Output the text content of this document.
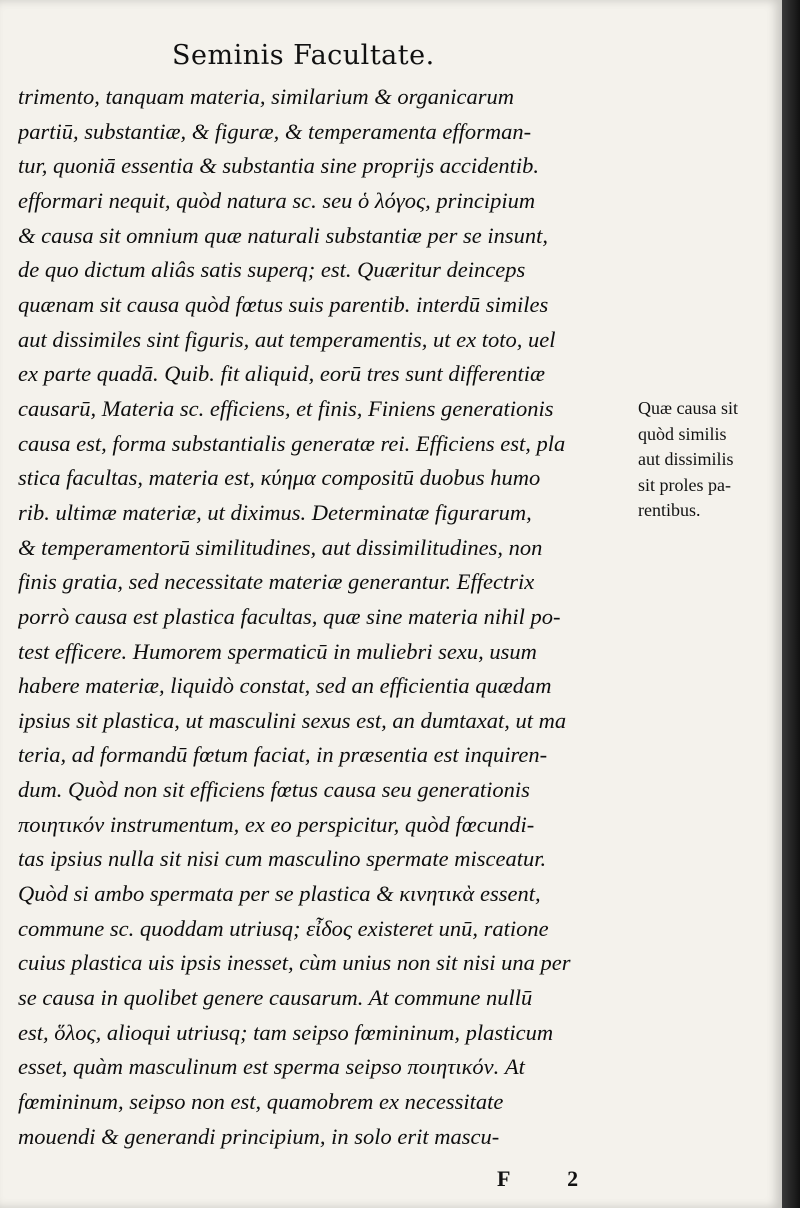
Seminis Facultate.
trimento, tanquam materia, similarium & organicarum
partiū, substantiæ, & figuræ, & temperamenta efforman-
tur, quoniā essentia & substantia sine proprijs accidentib.
efformari nequit, quòd natura sc. seu ὁ λόγος, principium
& causa sit omnium quæ naturali substantiæ per se insunt,
de quo dictum aliâs satis superq; est. Quæritur deinceps
quænam sit causa quòd fœtus suis parentib. interdū similes
aut dissimiles sint figuris, aut temperamentis, ut ex toto, uel
ex parte quadā. Quib. fit aliquid, eorū tres sunt differentiæ
causarū, Materia sc. efficiens, et finis, Finiens generationis
causa est, forma substantialis generatæ rei. Efficiens est, pla
stica facultas, materia est, κύημα compositū duobus humo
rib. ultimæ materiæ, ut diximus. Determinatæ figurarum,
& temperamentorū similitudines, aut dissimilitudines, non
finis gratia, sed necessitate materiæ generantur. Effectrix
porrò causa est plastica facultas, quæ sine materia nihil po-
test efficere. Humorem spermaticū in muliebri sexu, usum
habere materiæ, liquidò constat, sed an efficientia quædam
ipsius sit plastica, ut masculini sexus est, an dumtaxat, ut ma
teria, ad formandū fœtum faciat, in præsentia est inquiren-
dum. Quòd non sit efficiens fœtus causa seu generationis
ποιητικόν instrumentum, ex eo perspicitur, quòd fœcundi-
tas ipsius nulla sit nisi cum masculino spermate misceatur.
Quòd si ambo spermata per se plastica & κινητικὰ essent,
commune sc. quoddam utriusq; εἶδος existeret unū, ratione
cuius plastica uis ipsis inesset, cùm unius non sit nisi una per
se causa in quolibet genere causarum. At commune nullū
est, ὅλος, alioqui utriusq; tam seipso fœmininum, plasticum
esset, quàm masculinum est sperma seipso ποιητικόν. At
fœmininum, seipso non est, quamobrem ex necessitate
mouendi & generandi principium, in solo erit mascu-
Quæ causa sit
quòd similis
aut dissimilis
sit proles pa-
rentibus.
F 2
